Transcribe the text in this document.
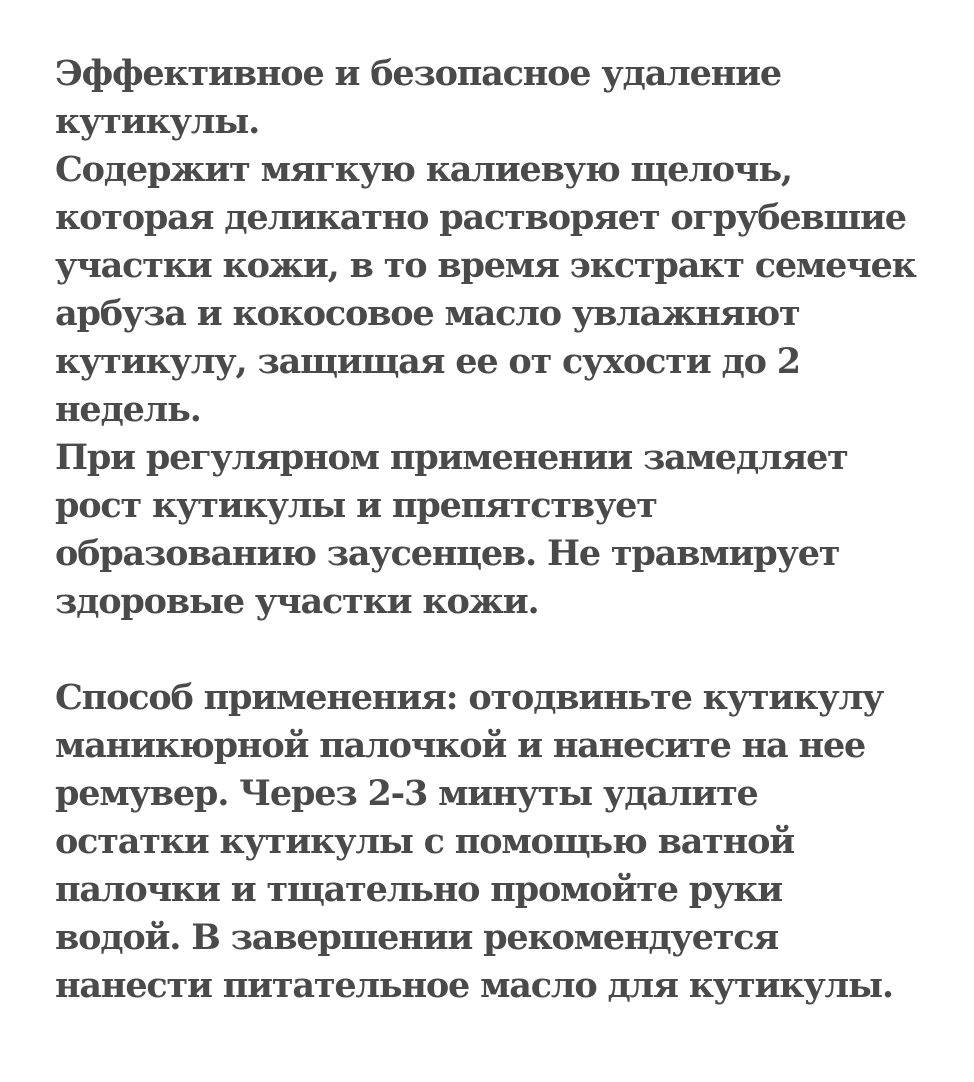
Эффективное и безопасное удаление
кутикулы.
Содержит мягкую калиевую щелочь,
которая деликатно растворяет огрубевшие
участки кожи, в то время экстракт семечек
арбуза и кокосовое масло увлажняют
кутикулу, защищая ее от сухости до 2
недель.
При регулярном применении замедляет
рост кутикулы и препятствует
образованию заусенцев. Не травмирует
здоровые участки кожи.
Способ применения: отодвиньте кутикулу
маникюрной палочкой и нанесите на нее
ремувер. Через 2-3 минуты удалите
остатки кутикулы с помощью ватной
палочки и тщательно промойте руки
водой. В завершении рекомендуется
нанести питательное масло для кутикулы.
